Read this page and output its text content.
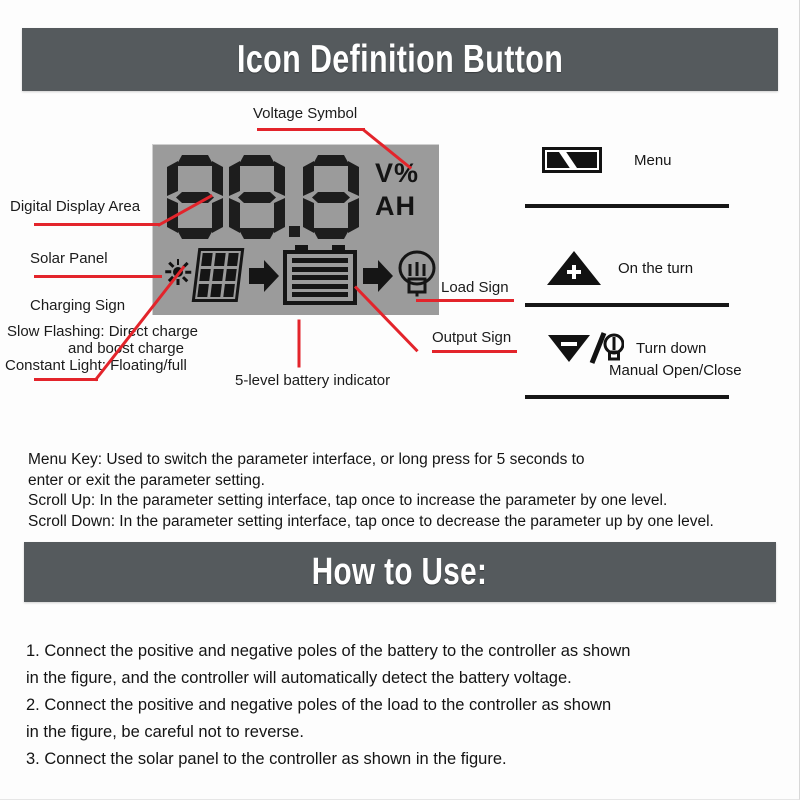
Icon Definition Button
V%
AH
Voltage Symbol
Digital Display Area
Solar Panel
Charging Sign
Slow Flashing: Direct charge
and boost charge
Constant Light: Floating/full
5-level battery indicator
Load Sign
Output Sign
Menu
On the turn
Turn down
Manual Open/Close
Menu Key: Used to switch the parameter interface, or long press for 5 seconds to
enter or exit the parameter setting.
Scroll Up: In the parameter setting interface, tap once to increase the parameter by one level.
Scroll Down: In the parameter setting interface, tap once to decrease the parameter up by one level.
How to Use:
1. Connect the positive and negative poles of the battery to the controller as shown
in the figure, and the controller will automatically detect the battery voltage.
2. Connect the positive and negative poles of the load to the controller as shown
in the figure, be careful not to reverse.
3. Connect the solar panel to the controller as shown in the figure.
